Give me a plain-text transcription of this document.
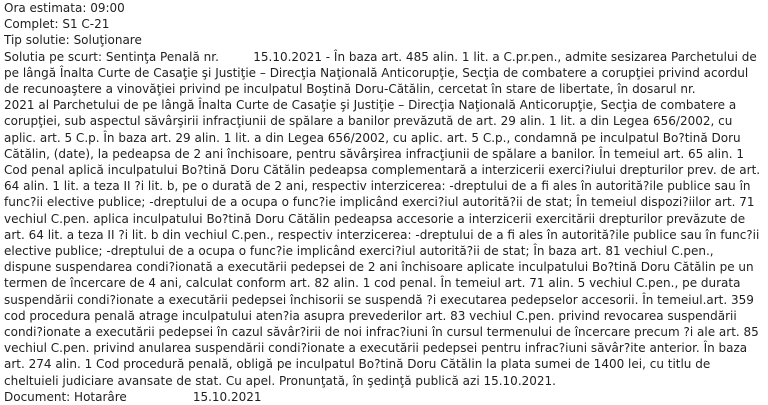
Ora estimata: 09:00
Complet: S1 C-21
Tip solutie: Soluţionare
Solutia pe scurt: Sentinţa Penală nr.         15.10.2021 - În baza art. 485 alin. 1 lit. a C.pr.pen., admite sesizarea Parchetului de pe lângă Înalta Curte de Casaţie şi Justiţie – Direcţia Naţională Anticorupţie, Secţia de combatere a corupţiei privind acordul de recunoaştere a vinovăţiei privind pe inculpatul Boştină Doru-Cătălin, cercetat în stare de libertate, în dosarul nr.           2021 al Parchetului de pe lângă Înalta Curte de Casaţie şi Justiţie – Direcţia Naţională Anticorupţie, Secţia de combatere a corupţiei, sub aspectul săvârşirii infracţiunii de spălare a banilor prevăzută de art. 29 alin. 1 lit. a din Legea 656/2002, cu aplic. art. 5 C.p. În baza art. 29 alin. 1 lit. a din Legea 656/2002, cu aplic. art. 5 C.p., condamnă pe inculpatul Bo?tină Doru Cătălin, (date), la pedeapsa de 2 ani închisoare, pentru săvârşirea infracţiunii de spălare a banilor. În temeiul art. 65 alin. 1 Cod penal aplică inculpatului Bo?tină Doru Cătălin pedeapsa complementară a interzicerii exerci?iului drepturilor prev. de art. 64 alin. 1 lit. a teza II ?i lit. b, pe o durată de 2 ani, respectiv interzicerea: -dreptului de a fi ales în autorită?ile publice sau în func?ii elective publice; -dreptului de a ocupa o func?ie implicând exerci?iul autorită?ii de stat; În temeiul dispozi?iilor art. 71 vechiul C.pen. aplica inculpatului Bo?tină Doru Cătălin pedeapsa accesorie a interzicerii exercitării drepturilor prevăzute de art. 64 lit. a teza II ?i lit. b din vechiul C.pen., respectiv interzicerea: -dreptului de a fi ales în autorită?ile publice sau în func?ii elective publice; -dreptului de a ocupa o func?ie implicând exerci?iul autorită?ii de stat; În baza art. 81 vechiul C.pen., dispune suspendarea condi?ionată a executării pedepsei de 2 ani închisoare aplicate inculpatului Bo?tină Doru Cătălin pe un termen de încercare de 4 ani, calculat conform art. 82 alin. 1 cod penal. În temeiul art. 71 alin. 5 vechiul C.pen., pe durata suspendării condi?ionate a executării pedepsei închisorii se suspendă ?i executarea pedepselor accesorii. În temeiul.art. 359 cod procedura penală atrage inculpatului aten?ia asupra prevederilor art. 83 vechiul C.pen. privind revocarea suspendării condi?ionate a executării pedepsei în cazul săvâr?irii de noi infrac?iuni în cursul termenului de încercare precum ?i ale art. 85 vechiul C.pen. privind anularea suspendării condi?ionate a executării pedepsei pentru infrac?iuni săvâr?ite anterior. În baza art. 274 alin. 1 Cod procedură penală, obligă pe inculpatul Bo?tină Doru Cătălin la plata sumei de 1400 lei, cu titlu de cheltuieli judiciare avansate de stat. Cu apel. Pronunţată, în şedinţă publică azi 15.10.2021.
Document: Hotarâre	15.10.2021
